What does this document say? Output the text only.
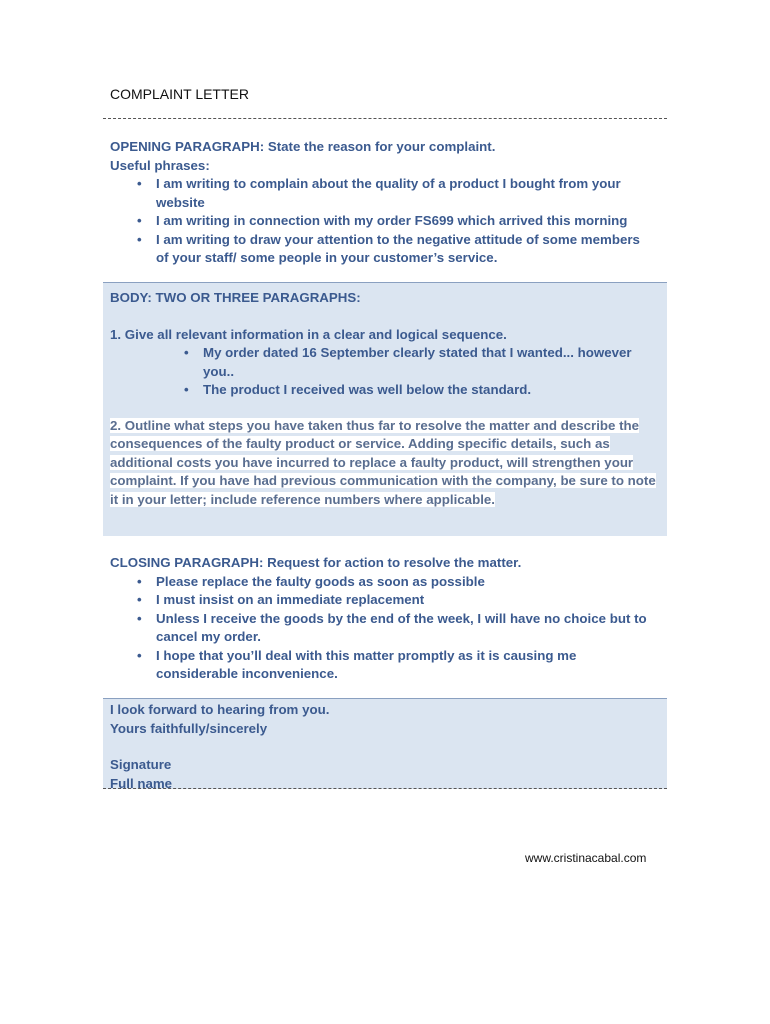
COMPLAINT LETTER

OPENING PARAGRAPH: State the reason for your complaint.

Useful phrases:

• I am writing to complain about the quality of a product I bought from your website
• I am writing in connection with my order FS699 which arrived this morning
• I am writing to draw your attention to the negative attitude of some members of your staff/ some people in your customer’s service.

BODY: TWO OR THREE PARAGRAPHS:

1. Give all relevant information in a clear and logical sequence.

• My order dated 16 September clearly stated that I wanted... however you..
• The product I received was well below the standard.
2. Outline what steps you have taken thus far to resolve the matter and describe the consequences of the faulty product or service. Adding specific details, such as additional costs you have incurred to replace a faulty product, will strengthen your complaint. If you have had previous communication with the company, be sure to note it in your letter; include reference numbers where applicable.

CLOSING PARAGRAPH: Request for action to resolve the matter.

• Please replace the faulty goods as soon as possible
• I must insist on an immediate replacement
• Unless I receive the goods by the end of the week, I will have no choice but to cancel my order.
• I hope that you’ll deal with this matter promptly as it is causing me considerable inconvenience.

I look forward to hearing from you.

Yours faithfully/sincerely

Signature

Full name

www.cristinacabal.com
